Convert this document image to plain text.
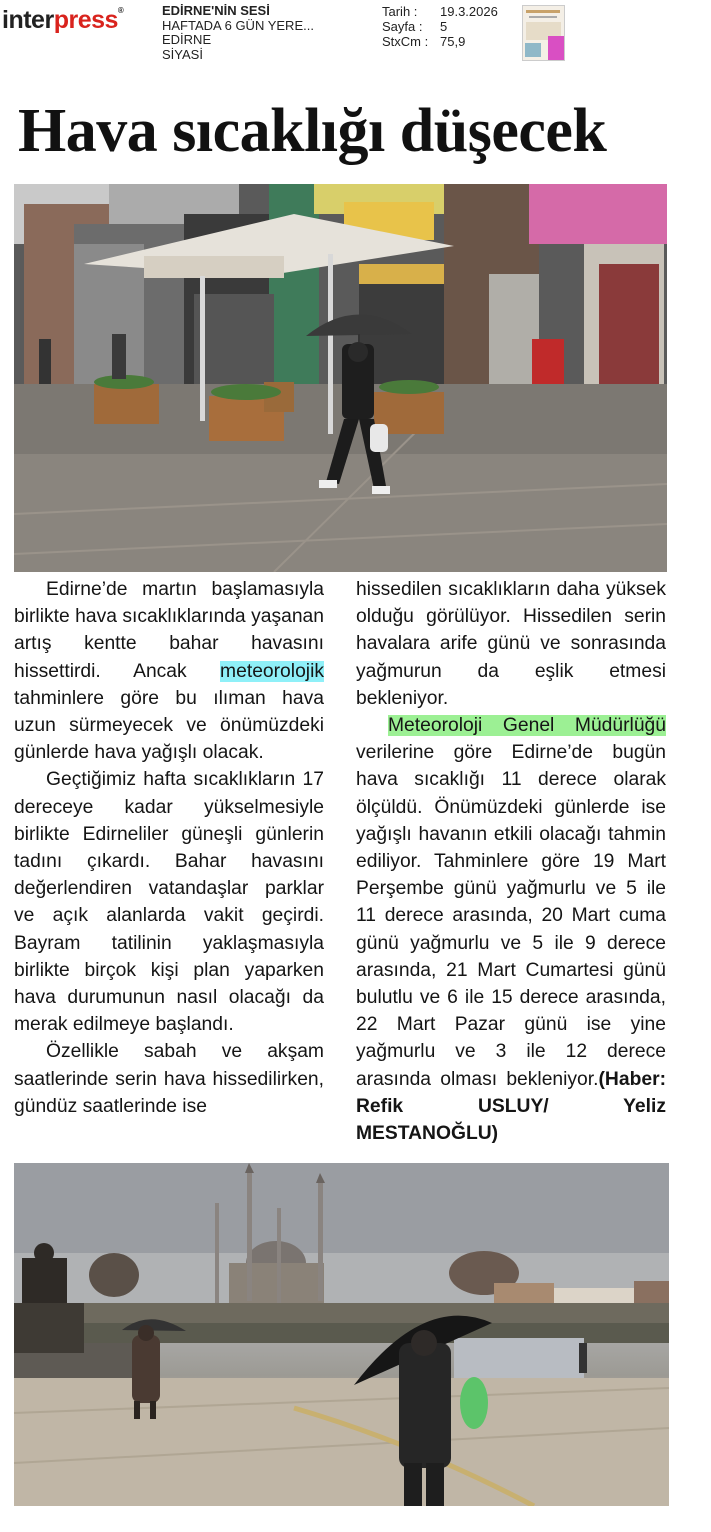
interpress®	EDİRNE'NİN SESİ
HAFTADA 6 GÜN YERE...
EDİRNE
SİYASİ
Tarih :	19.3.2026
Sayfa :	5
StxCm : 75,9
Hava sıcaklığı düşecek

Edirne’de martın başlamasıyla birlikte hava sıcaklıklarında yaşanan artış kentte bahar havasını hissettirdi. Ancak meteorolojik tahminlere göre bu ılıman hava uzun sürmeyecek ve önümüzdeki günlerde hava yağışlı olacak.

Geçtiğimiz hafta sıcaklıkların 17 dereceye kadar yükselmesiyle birlikte Edirneliler güneşli günlerin tadını çıkardı. Bahar havasını değerlendiren vatandaşlar parklar ve açık alanlarda vakit geçirdi. Bayram tatilinin yaklaşmasıyla birlikte birçok kişi plan yaparken hava durumunun nasıl olacağı da merak edilmeye başlandı.

Özellikle sabah ve akşam saatlerinde serin hava hissedilirken, gündüz saatlerinde ise

hissedilen sıcaklıkların daha yüksek olduğu görülüyor. Hissedilen serin havalara arife günü ve sonrasında yağmurun da eşlik etmesi bekleniyor.

Meteoroloji Genel Müdürlüğü verilerine göre Edirne’de bugün hava sıcaklığı 11 derece olarak ölçüldü. Önümüzdeki günlerde ise yağışlı havanın etkili olacağı tahmin ediliyor. Tahminlere göre 19 Mart Perşembe günü yağmurlu ve 5 ile 11 derece arasında, 20 Mart cuma günü yağmurlu ve 5 ile 9 derece arasında, 21 Mart Cumartesi günü bulutlu ve 6 ile 15 derece arasında, 22 Mart Pazar günü ise yine yağmurlu ve 3 ile 12 derece arasında olması bekleniyor.(Haber: Refik USLUY/ Yeliz MESTANOĞLU)
